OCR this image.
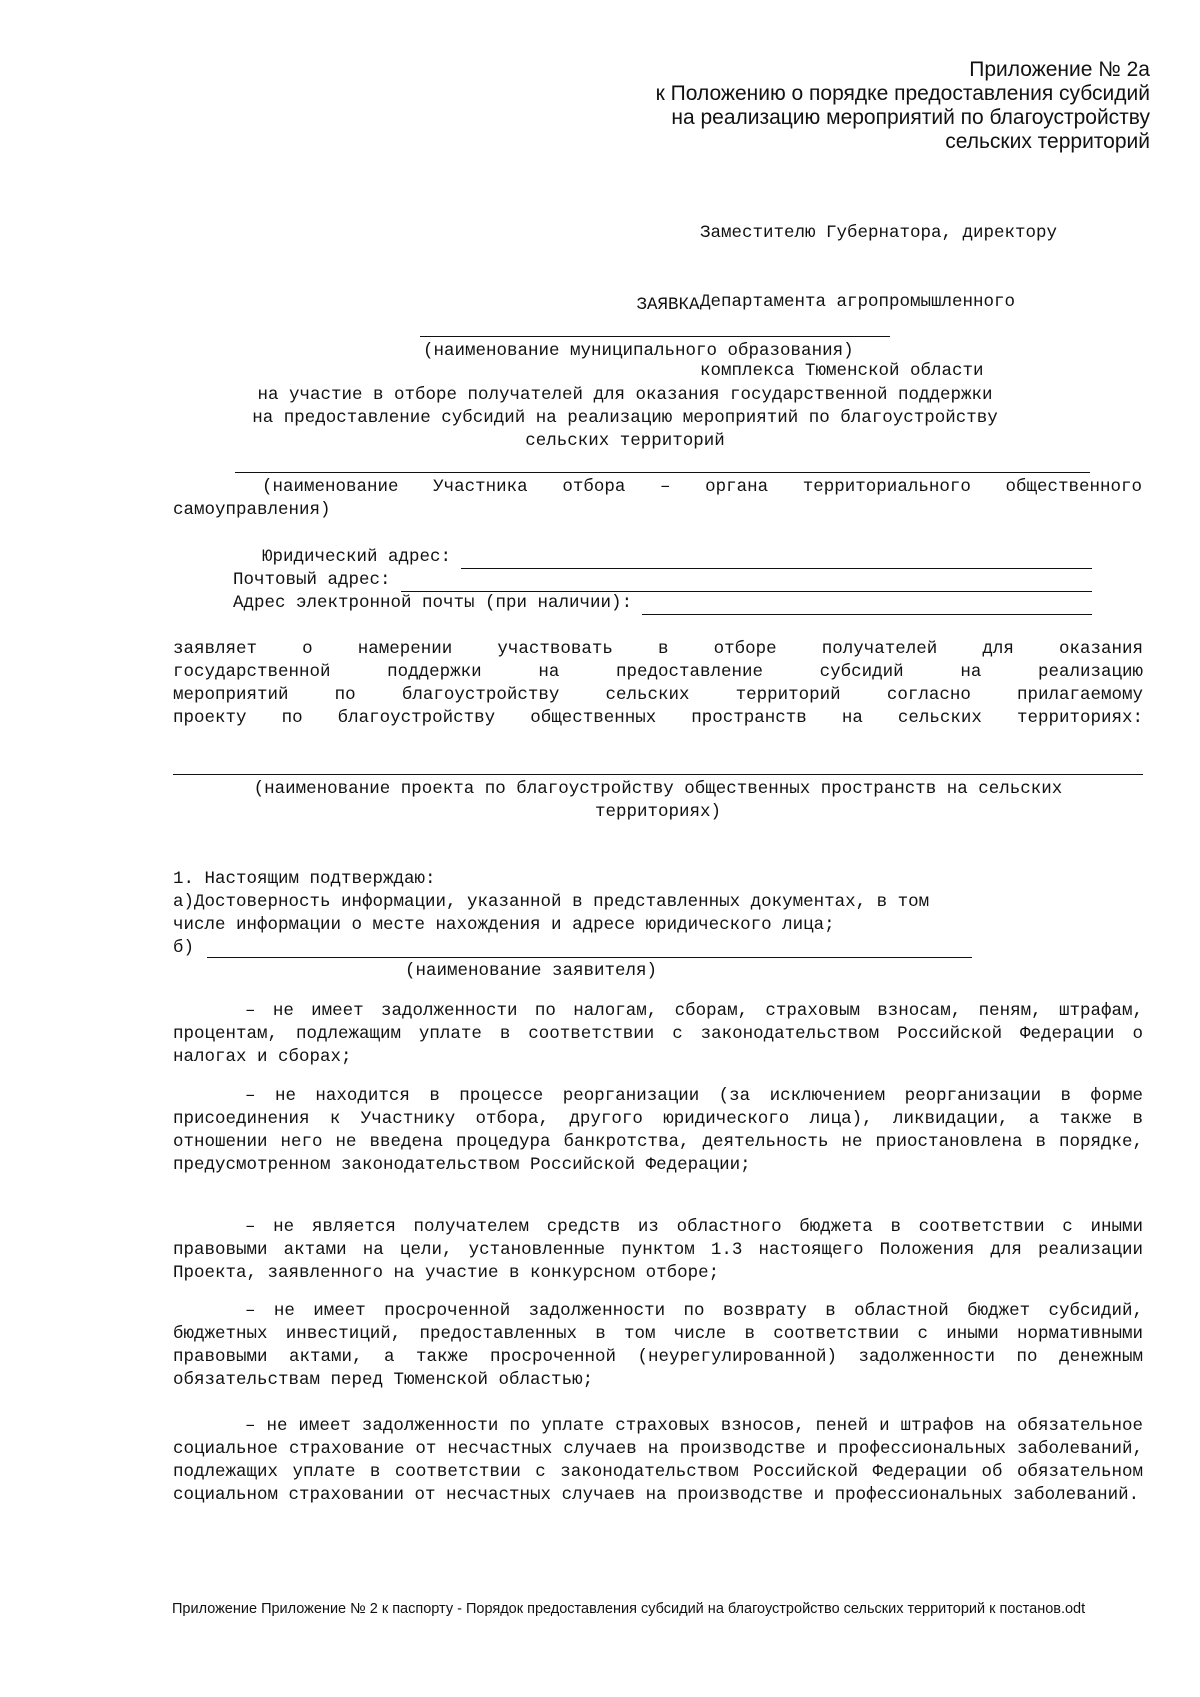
Приложение № 2а
к Положению о порядке предоставления субсидий
на реализацию мероприятий по благоустройству
сельских территорий

Заместителю Губернатора, директору

Департамента агропромышленного

комплекса Тюменской области

ЗАЯВКА
(наименование муниципального образования)
на участие в отборе получателей для оказания государственной поддержки
на предоставление субсидий на реализацию мероприятий по благоустройству
сельских территорий
(наименование Участника отбора – органа территориального общественного
самоуправления)
Юридический адрес:
Почтовый адрес:
Адрес электронной почты (при наличии):
заявляет о намерении участвовать в отборе получателей для оказания
государственной поддержки на предоставление субсидий на реализацию
мероприятий по благоустройству сельских территорий согласно прилагаемому
проекту по благоустройству общественных пространств на сельских территориях:
(наименование проекта по благоустройству общественных пространств на сельских
территориях)
1. Настоящим подтверждаю:
а)Достоверность информации, указанной в представленных документах, в том
числе информации о месте нахождения и адресе юридического лица;
б)
(наименование заявителя)
– не имеет задолженности по налогам, сборам, страховым взносам, пеням, штрафам, процентам, подлежащим уплате в соответствии с законодательством Российской Федерации о налогах и сборах;
– не находится в процессе реорганизации (за исключением реорганизации в форме присоединения к Участнику отбора, другого юридического лица), ликвидации, а также в отношении него не введена процедура банкротства, деятельность не приостановлена в порядке, предусмотренном законодательством Российской Федерации;
– не является получателем средств из областного бюджета в соответствии с иными правовыми актами на цели, установленные пунктом 1.3 настоящего Положения для реализации Проекта, заявленного на участие в конкурсном отборе;
– не имеет просроченной задолженности по возврату в областной бюджет субсидий, бюджетных инвестиций, предоставленных в том числе в соответствии с иными нормативными правовыми актами, а также просроченной (неурегулированной) задолженности по денежным обязательствам перед Тюменской областью;
– не имеет задолженности по уплате страховых взносов, пеней и штрафов на обязательное социальное страхование от несчастных случаев на производстве и профессиональных заболеваний, подлежащих уплате в соответствии с законодательством Российской Федерации об обязательном социальном страховании от несчастных случаев на производстве и профессиональных заболеваний.
Приложение Приложение № 2 к паспорту - Порядок предоставления субсидий на благоустройство сельских территорий к постанов.odt
